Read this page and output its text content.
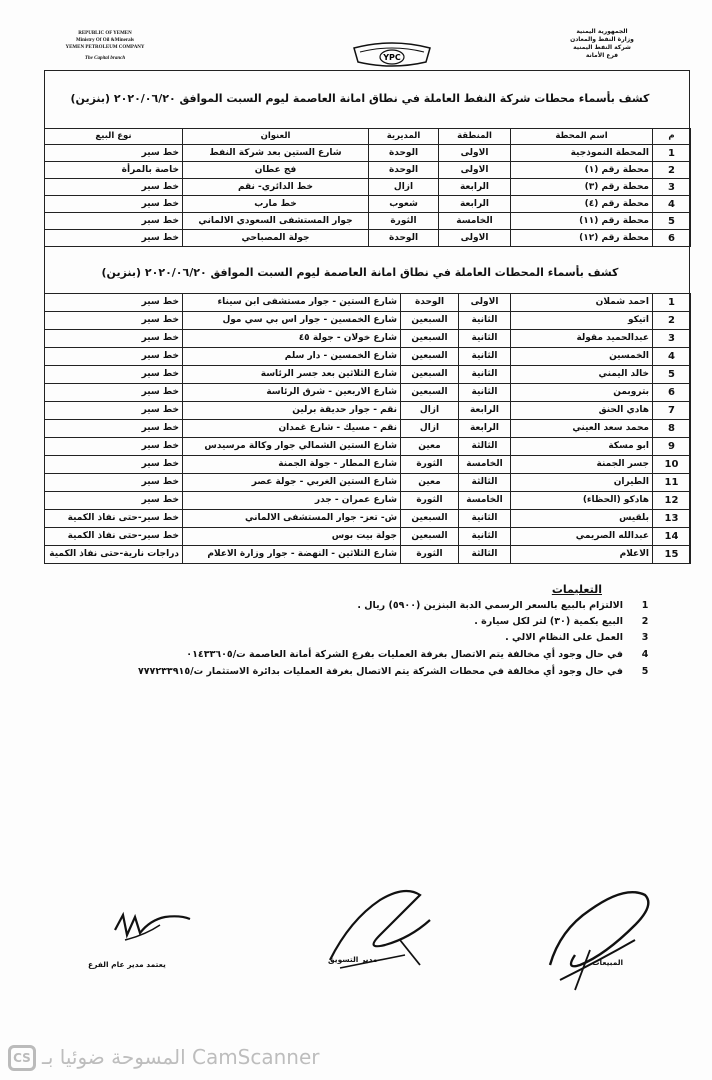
REPUBLIC OF YEMEN
Ministry Of Oil &Minerals
YEMEN PETROLEUM COMPANY
The Capital branch	YPC
الجمهورية اليمنية
وزارة النفط والمعادن
شركة النفط اليمنية
فرع الأمانة
كشف بأسماء محطات شركة النفط العاملة في نطاق امانة العاصمة ليوم السبت الموافق ٢٠٢٠/٠٦/٢٠ (بنزين)
م	اسم المحطة	المنطقة	المديرية	العنوان	نوع البيع
1	المحطة النموذجية	الاولى	الوحدة	شارع الستين بعد شركة النفط	خط سير
2	محطة رقم (١)	الاولى	الوحدة	فج عطان	خاصة بالمرأة
3	محطة رقم (٣)	الرابعة	ازال	خط الدائري- نقم	خط سير
4	محطة رقم (٤)	الرابعة	شعوب	خط مارب	خط سير
5	محطة رقم (١١)	الخامسة	الثورة	جوار المستشفى السعودي الالماني	خط سير
6	محطة رقم (١٢)	الاولى	الوحدة	جولة المصباحي	خط سير
كشف بأسماء المحطات العاملة في نطاق امانة العاصمة ليوم السبت الموافق ٢٠٢٠/٠٦/٢٠ (بنزين)
1	احمد شملان	الاولى	الوحدة	شارع الستين - جوار مستشفى ابن سيناء	خط سير
2	اتيكو	الثانية	السبعين	شارع الخمسين - جوار اس بي سي مول	خط سير
3	عبدالحميد مقولة	الثانية	السبعين	شارع خولان - جولة ٤٥	خط سير
4	الخمسين	الثانية	السبعين	شارع الخمسين - دار سلم	خط سير
5	خالد اليمني	الثانية	السبعين	شارع الثلاثين بعد جسر الرئاسة	خط سير
6	بتروبمن	الثانية	السبعين	شارع الاربعين - شرق الرئاسة	خط سير
7	هادي الحنق	الرابعة	ازال	نقم - جوار حديقة برلين	خط سير
8	محمد سعد العيني	الرابعة	ازال	نقم - مسيك - شارع غمدان	خط سير
9	ابو مسكة	الثالثة	معين	شارع الستين الشمالي جوار وكالة مرسيدس	خط سير
10	جسر الجمنة	الخامسة	الثورة	شارع المطار - جولة الجمنة	خط سير
11	الطيران	الثالثة	معين	شارع الستين الغربي - جولة عصر	خط سير
12	هادكو (الحظاء)	الخامسة	الثورة	شارع عمران - جدر	خط سير
13	بلقيس	الثانية	السبعين	ش- تعز- جوار المستشفى الالماني	خط سير-حتى نفاذ الكمية
14	عبدالله الصريمي	الثانية	السبعين	جولة بيت بوس	خط سير-حتى نفاذ الكمية
15	الاعلام	الثالثة	الثورة	شارع الثلاثين - النهضة - جوار وزارة الاعلام	دراجات نارية-حتى نفاذ الكمية
التعليمات
1الالتزام بالبيع بالسعر الرسمي الدبة البنزين (٥٩٠٠) ريال .
2البيع بكمية (٣٠) لتر لكل سيارة .
3العمل على النظام الالي .
4في حال وجود أي مخالفة يتم الاتصال بغرفة العمليات بفرع الشركة أمانة العاصمة ت/٠١٤٣٣٦٠٥
5في حال وجود أي مخالفة في محطات الشركة يتم الاتصال بغرفة العمليات بدائرة الاستثمار ت/٧٧٧٢٣٣٩١٥
يعتمد مدير عام الفرع
مدير التسويق	المبيعات
CS المسوحة ضوئيا بـ CamScanner
